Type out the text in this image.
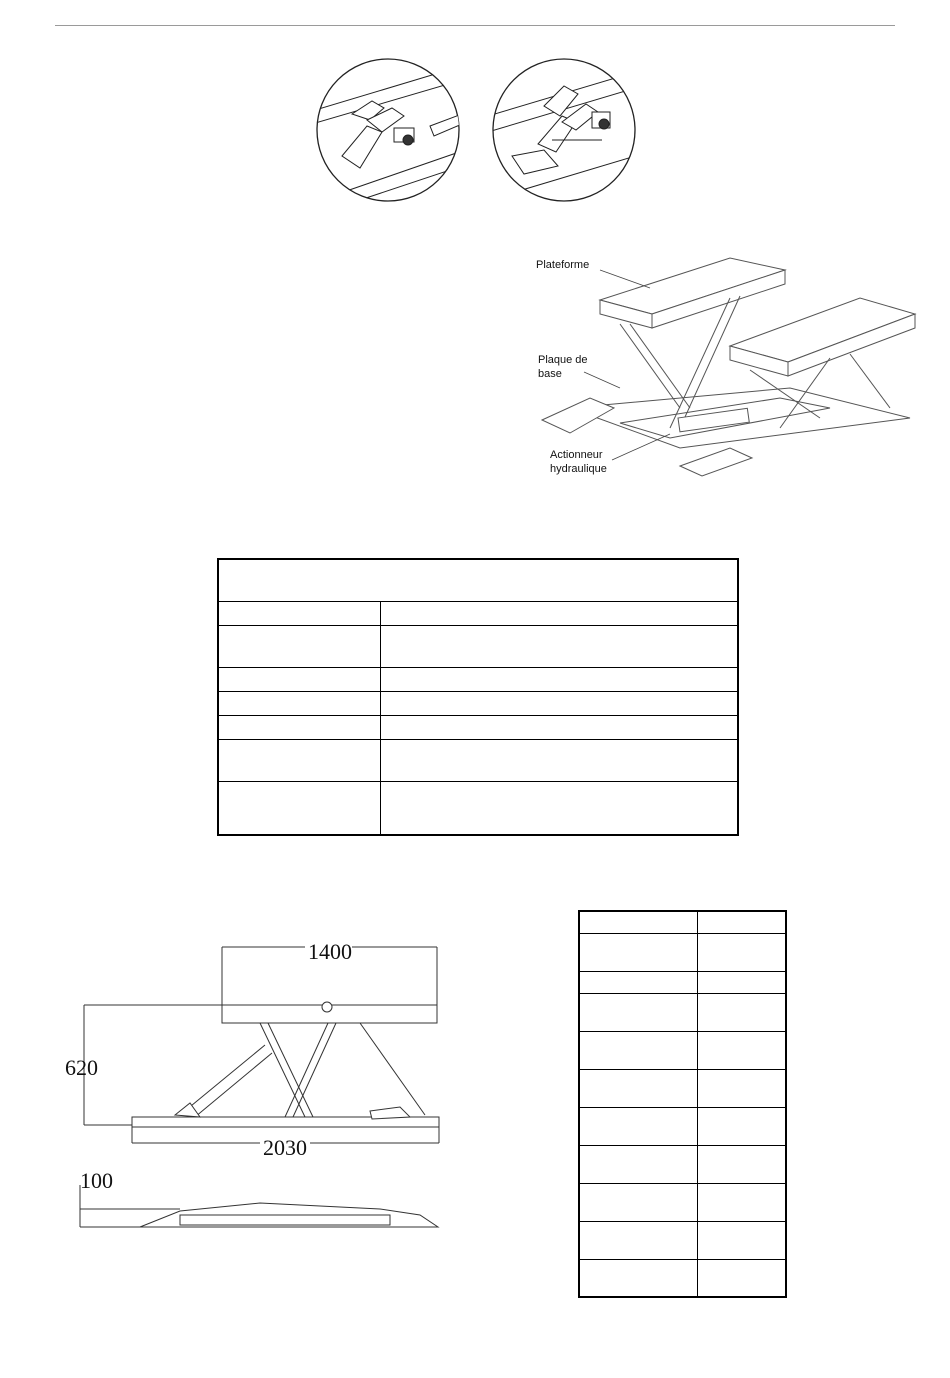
Plateforme
Plaque de
base
Actionneur
hydraulique

1400
620
2030
100
